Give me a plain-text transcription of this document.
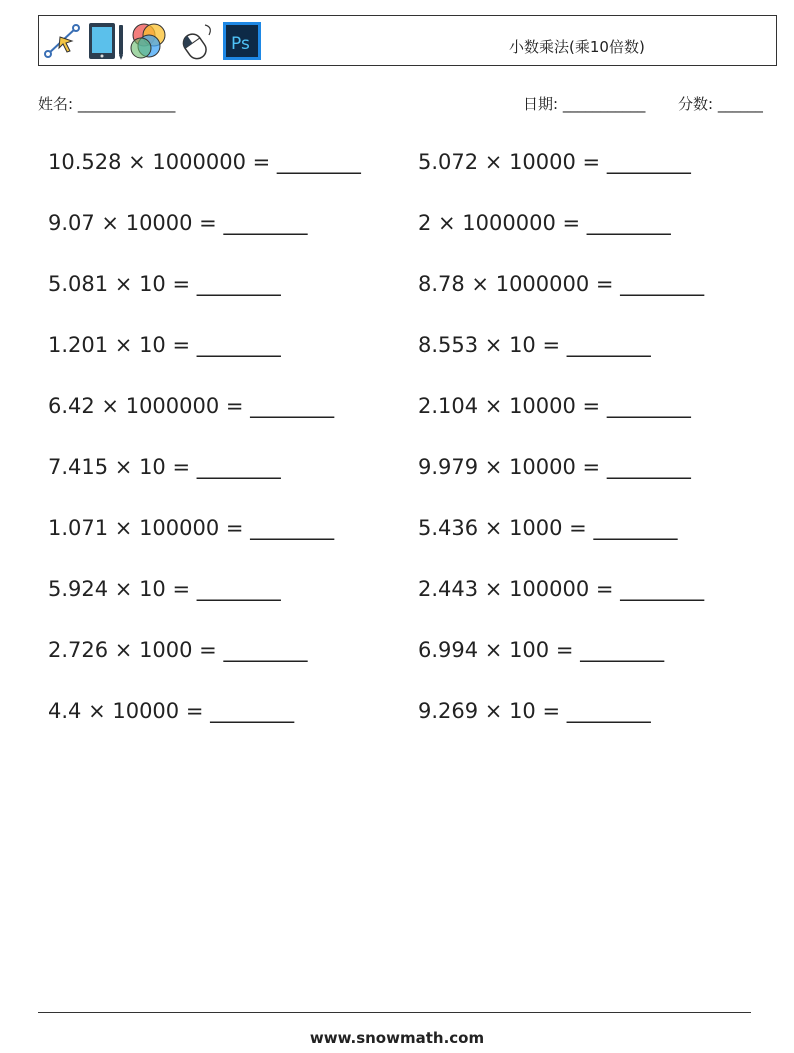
Ps	小数乘法(乘10倍数)
姓名: _____________	日期: ___________ 分数: ______
10.528 × 1000000 = ________	5.072 × 10000 = ________
9.07 × 10000 = ________	2 × 1000000 = ________
5.081 × 10 = ________	8.78 × 1000000 = ________
1.201 × 10 = ________	8.553 × 10 = ________
6.42 × 1000000 = ________	2.104 × 10000 = ________
7.415 × 10 = ________	9.979 × 10000 = ________
1.071 × 100000 = ________	5.436 × 1000 = ________
5.924 × 10 = ________	2.443 × 100000 = ________
2.726 × 1000 = ________	6.994 × 100 = ________
4.4 × 10000 = ________	9.269 × 10 = ________
www.snowmath.com
